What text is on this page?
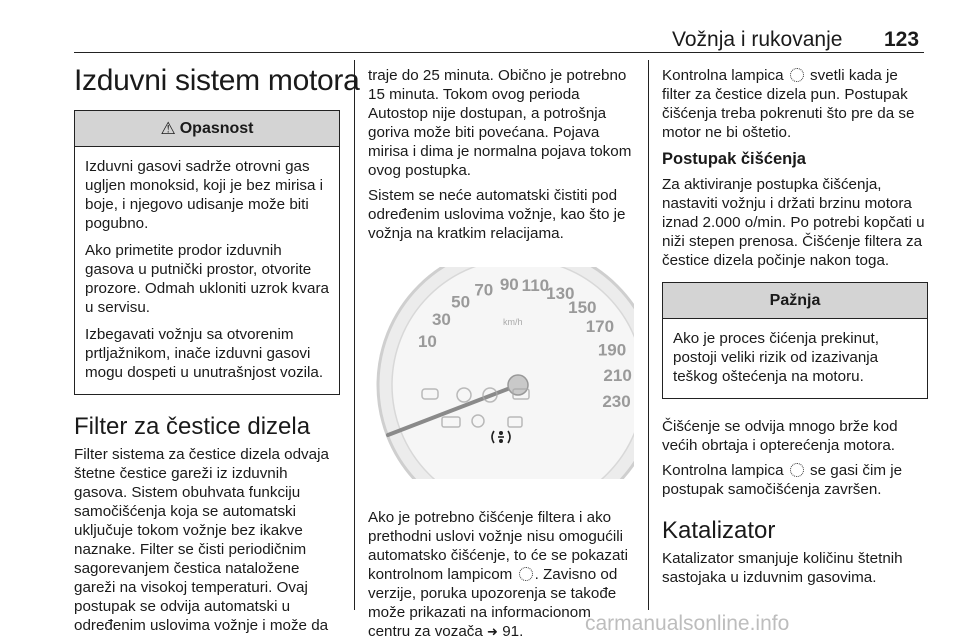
Vožnja i rukovanje 123
Izduvni sistem motora
⚠ Opasnost

Izduvni gasovi sadrže otrovni gas ugljen monoksid, koji je bez mirisa i boje, i njegovo udisanje može biti pogubno.

Ako primetite prodor izduvnih gasova u putnički prostor, otvorite prozore. Odmah ukloniti uzrok kvara u servisu.

Izbegavati vožnju sa otvorenim prtljažnikom, inače izduvni gasovi mogu dospeti u unutrašnjost vozila.

Filter za čestice dizela

Filter sistema za čestice dizela odvaja štetne čestice gareži iz izduvnih gasova. Sistem obuhvata funkciju samočišćenja koja se automatski uključuje tokom vožnje bez ikakve naznake. Filter se čisti periodičnim sagorevanjem čestica nataložene gareži na visokoj temperaturi. Ovaj postupak se odvija automatski u određenim uslovima vožnje i može da

traje do 25 minuta. Obično je potrebno 15 minuta. Tokom ovog perioda Autostop nije dostupan, a potrošnja goriva može biti povećana. Pojava mirisa i dima je normalna pojava tokom ovog postupka.

Sistem se neće automatski čistiti pod određenim uslovima vožnje, kao što je vožnja na kratkim relacijama.

10
30
50
70 90 110
130
150
170
190
210
230
km/h

Ako je potrebno čišćenje filtera i ako prethodni uslovi vožnje nisu omogućili automatsko čišćenje, to će se pokazati kontrolnom lampicom . Zavisno od verzije, poruka upozorenja se takođe može prikazati na informacionom centru za vozača ➜ 91.

Kontrolna lampica svetli kada je filter za čestice dizela pun. Postupak čišćenja treba pokrenuti što pre da se motor ne bi oštetio.

Postupak čišćenja

Za aktiviranje postupka čišćenja, nastaviti vožnju i držati brzinu motora iznad 2.000 o/min. Po potrebi kopčati u niži stepen prenosa. Čišćenje filtera za čestice dizela počinje nakon toga.

Pažnja

Ako je proces čićenja prekinut, postoji veliki rizik od izazivanja teškog oštećenja na motoru.

Čišćenje se odvija mnogo brže kod većih obrtaja i opterećenja motora.

Kontrolna lampica se gasi čim je postupak samočišćenja završen.

Katalizator

Katalizator smanjuje količinu štetnih sastojaka u izduvnim gasovima.

carmanualsonline.info
